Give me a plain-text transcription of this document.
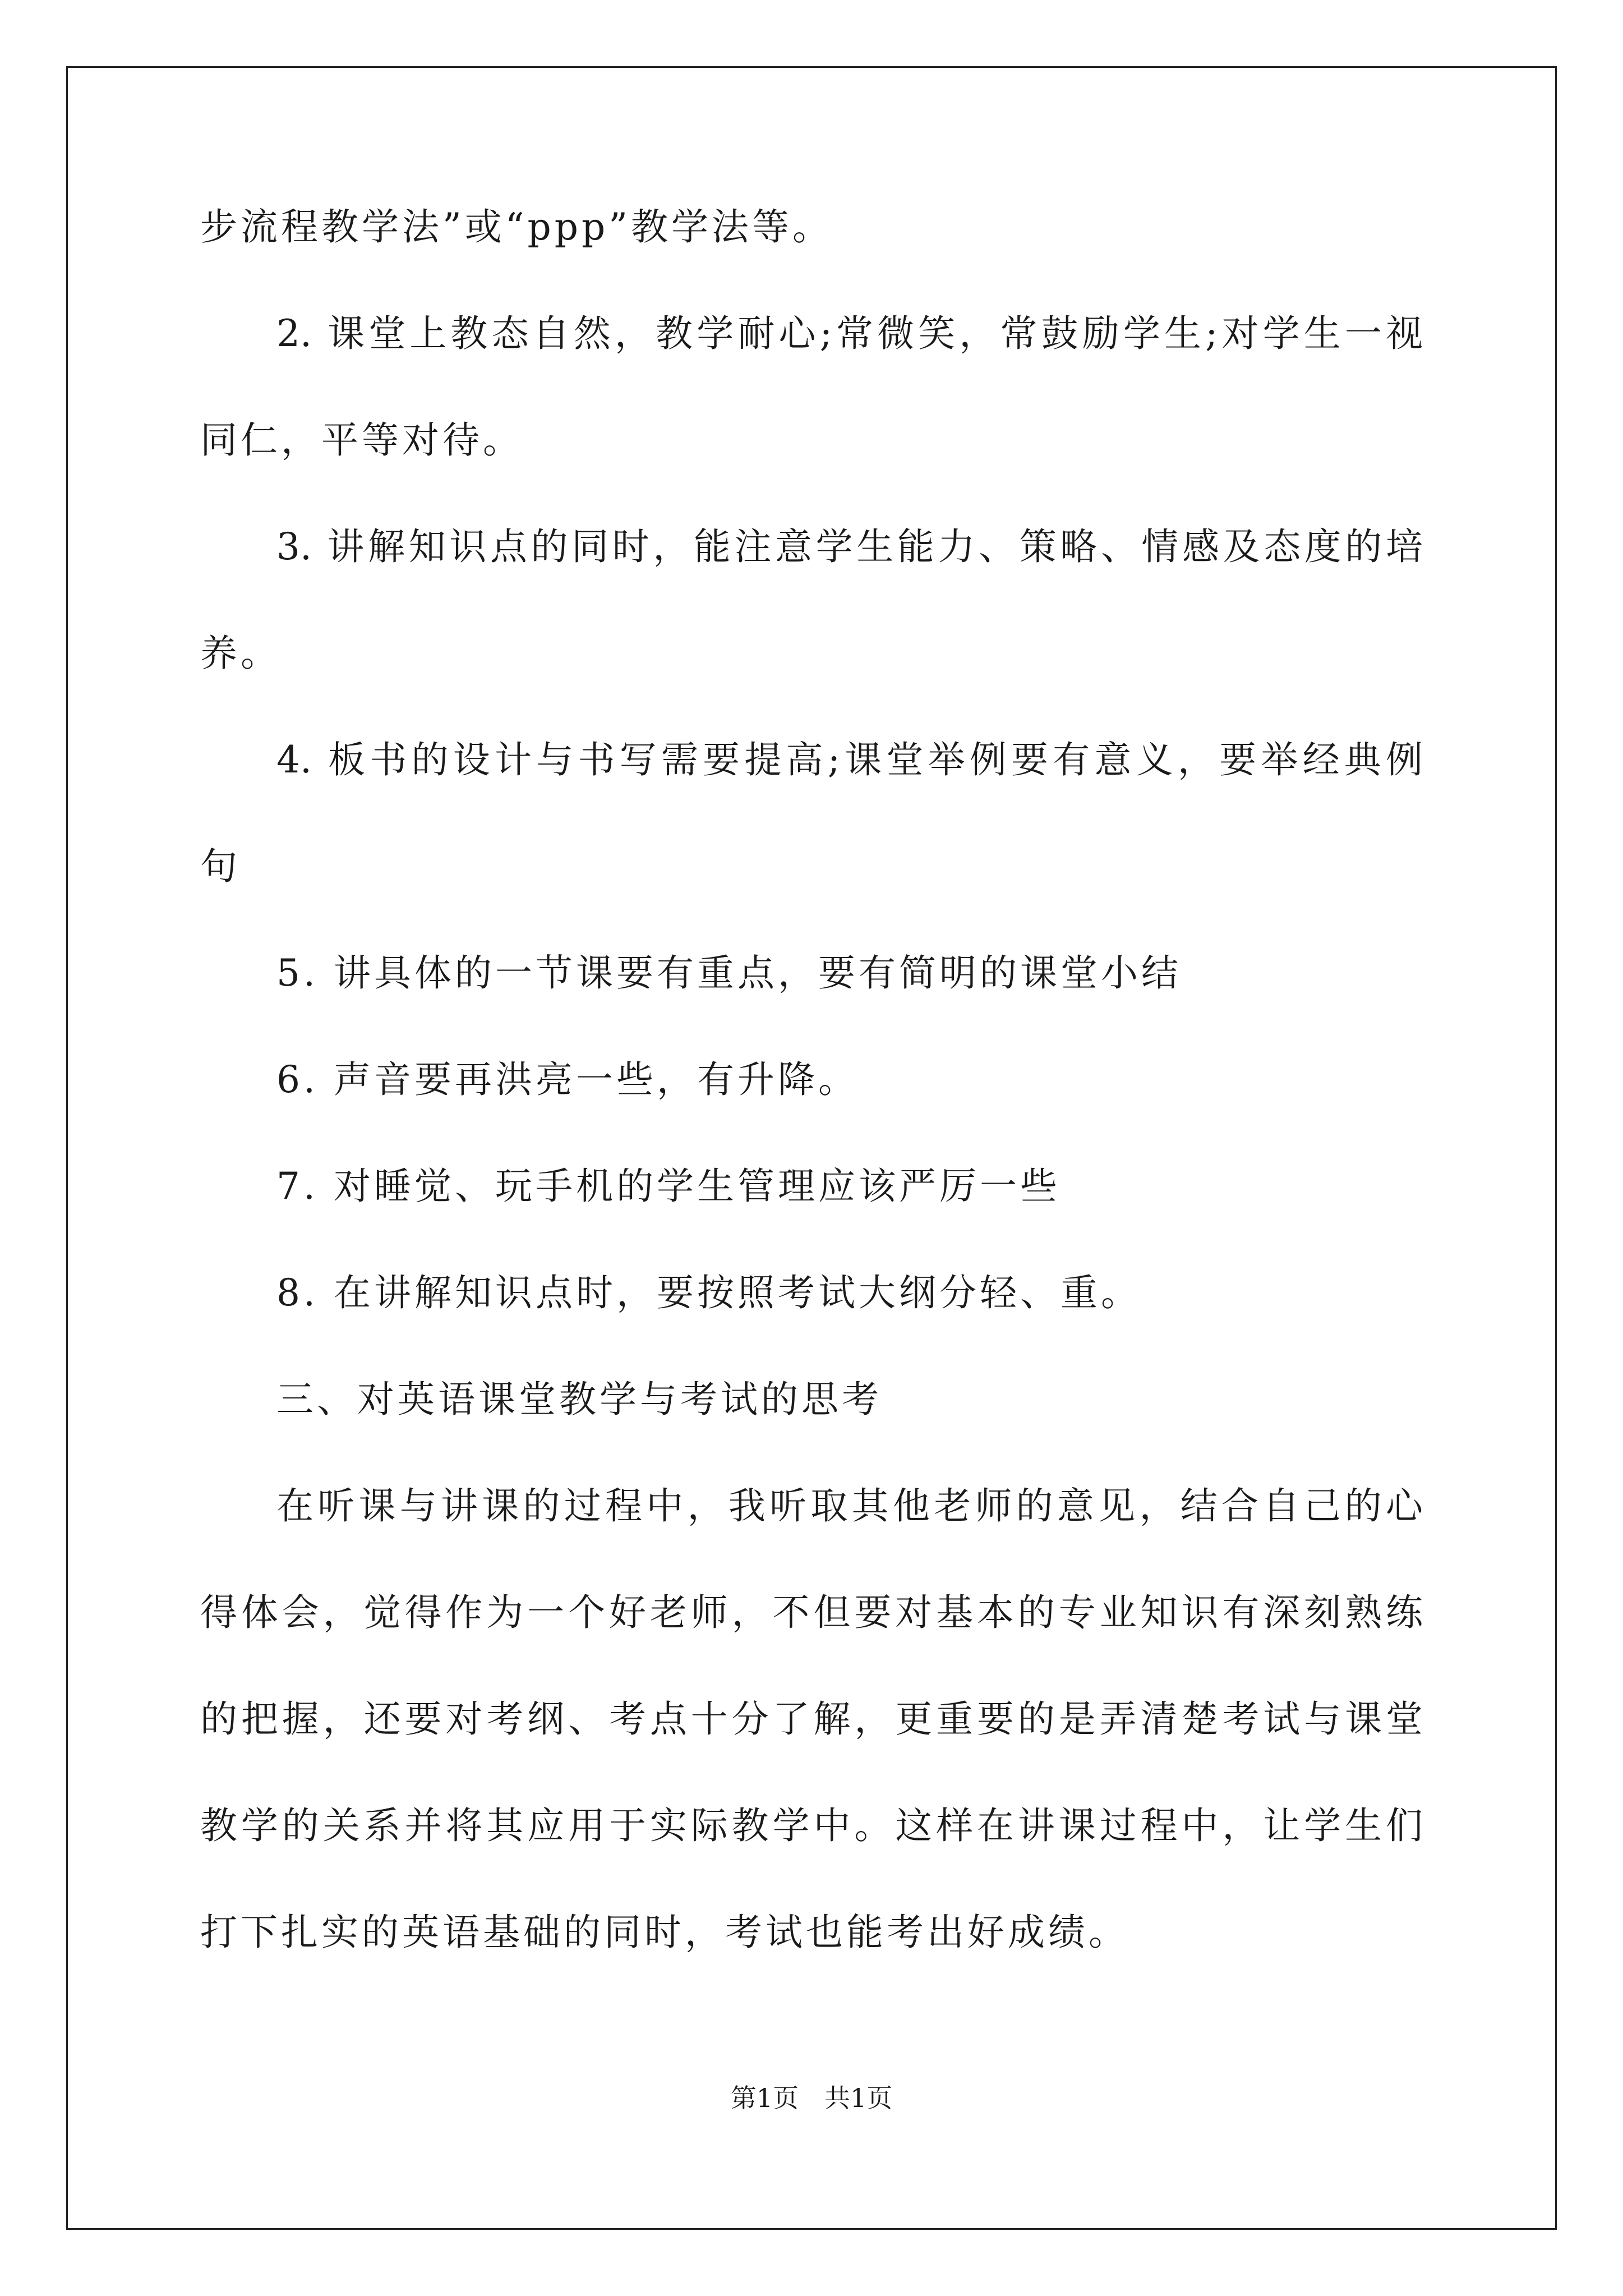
步流程教学法”或“ppp”教学法等。
2. 课堂上教态自然，教学耐心;常微笑，常鼓励学生;对学生一视
同仁，平等对待。
3. 讲解知识点的同时，能注意学生能力、策略、情感及态度的培
养。
4. 板书的设计与书写需要提高;课堂举例要有意义，要举经典例
句
5. 讲具体的一节课要有重点，要有简明的课堂小结
6. 声音要再洪亮一些，有升降。
7. 对睡觉、玩手机的学生管理应该严厉一些
8. 在讲解知识点时，要按照考试大纲分轻、重。
三、对英语课堂教学与考试的思考
在听课与讲课的过程中，我听取其他老师的意见，结合自己的心
得体会，觉得作为一个好老师，不但要对基本的专业知识有深刻熟练
的把握，还要对考纲、考点十分了解，更重要的是弄清楚考试与课堂
教学的关系并将其应用于实际教学中。这样在讲课过程中，让学生们
打下扎实的英语基础的同时，考试也能考出好成绩。
第1页　共1页
